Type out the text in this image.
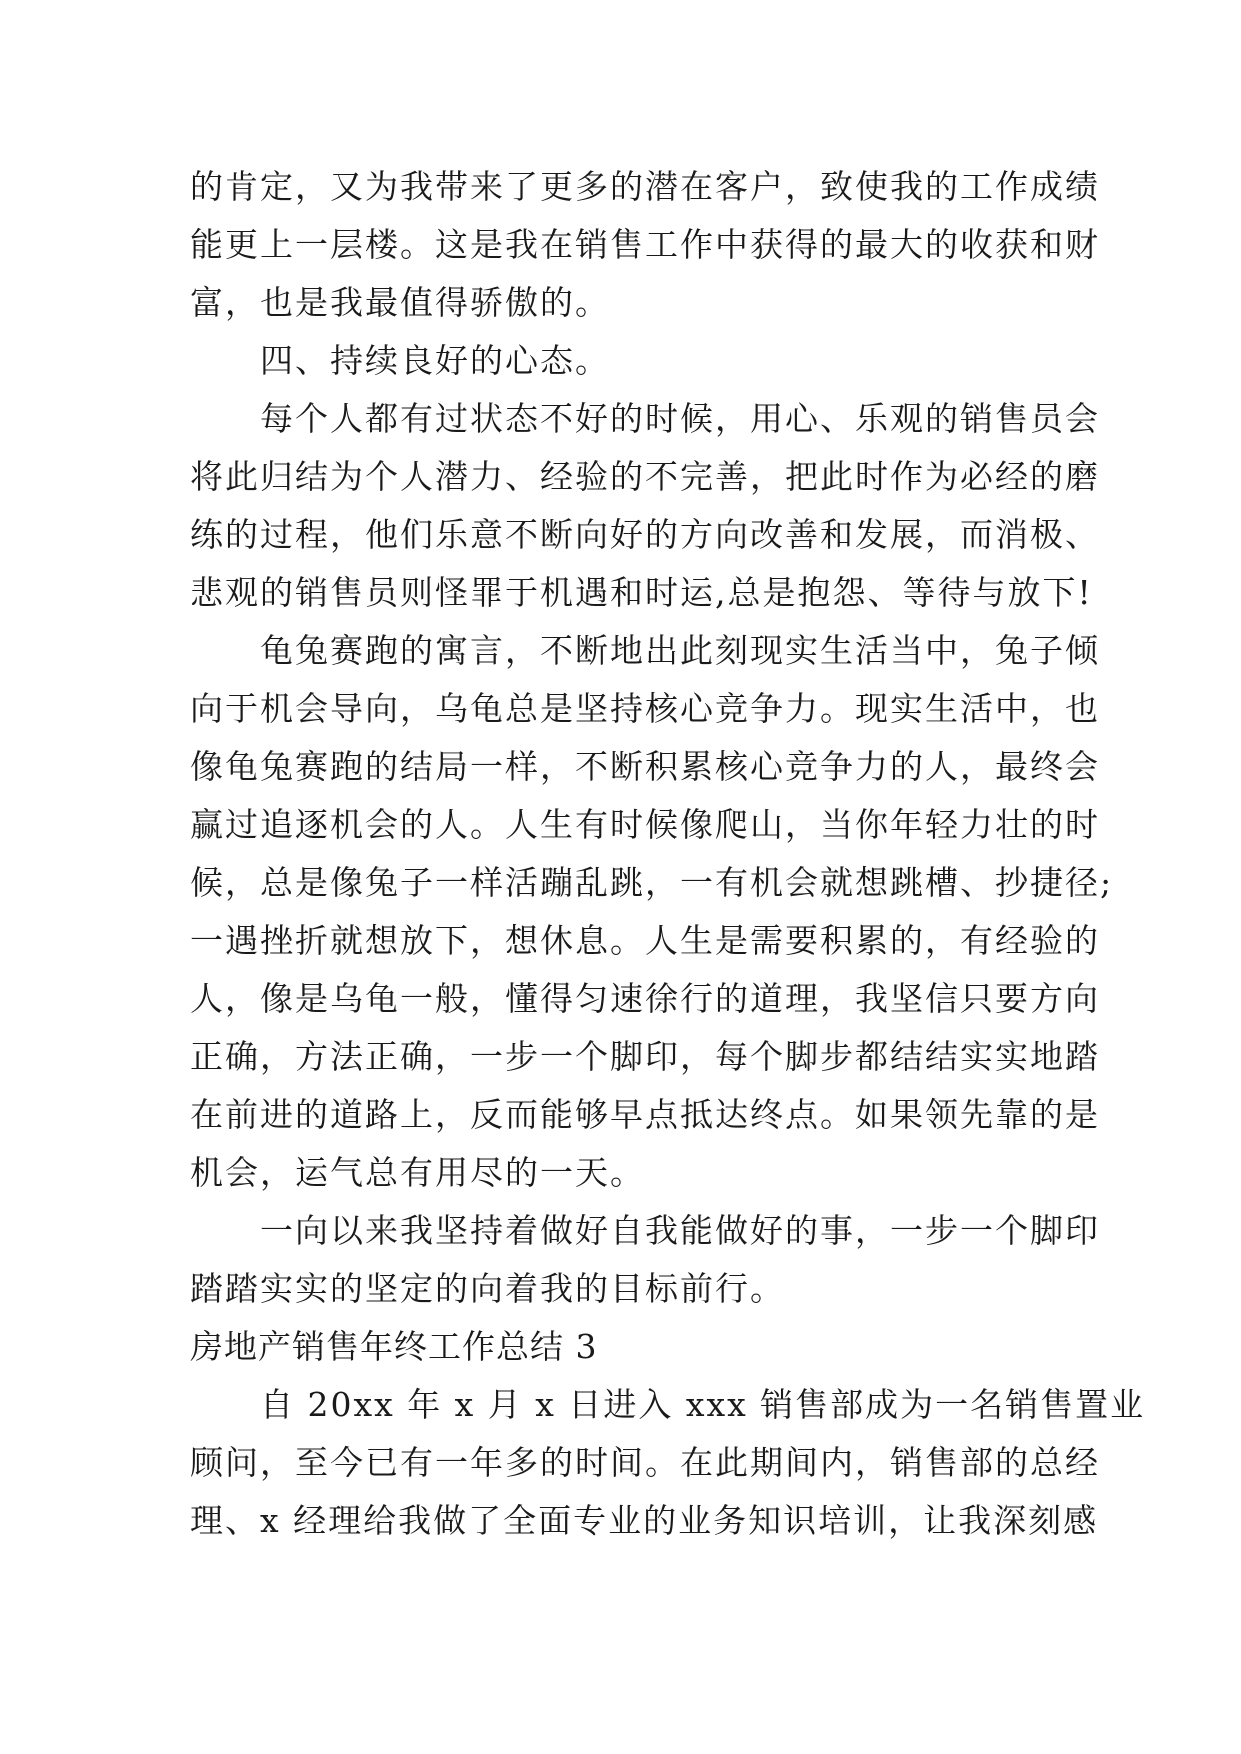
的肯定，又为我带来了更多的潜在客户，致使我的工作成绩
能更上一层楼。这是我在销售工作中获得的最大的收获和财
富，也是我最值得骄傲的。
　　四、持续良好的心态。
　　每个人都有过状态不好的时候，用心、乐观的销售员会
将此归结为个人潜力、经验的不完善，把此时作为必经的磨
练的过程，他们乐意不断向好的方向改善和发展，而消极、
悲观的销售员则怪罪于机遇和时运,总是抱怨、等待与放下!
　　龟兔赛跑的寓言，不断地出此刻现实生活当中，兔子倾
向于机会导向，乌龟总是坚持核心竞争力。现实生活中，也
像龟兔赛跑的结局一样，不断积累核心竞争力的人，最终会
赢过追逐机会的人。人生有时候像爬山，当你年轻力壮的时
候，总是像兔子一样活蹦乱跳，一有机会就想跳槽、抄捷径;
一遇挫折就想放下，想休息。人生是需要积累的，有经验的
人，像是乌龟一般，懂得匀速徐行的道理，我坚信只要方向
正确，方法正确，一步一个脚印，每个脚步都结结实实地踏
在前进的道路上，反而能够早点抵达终点。如果领先靠的是
机会，运气总有用尽的一天。
　　一向以来我坚持着做好自我能做好的事，一步一个脚印
踏踏实实的坚定的向着我的目标前行。
房地产销售年终工作总结 3
　　自 20xx 年 x 月 x 日进入 xxx 销售部成为一名销售置业
顾问，至今已有一年多的时间。在此期间内，销售部的总经
理、x 经理给我做了全面专业的业务知识培训，让我深刻感
